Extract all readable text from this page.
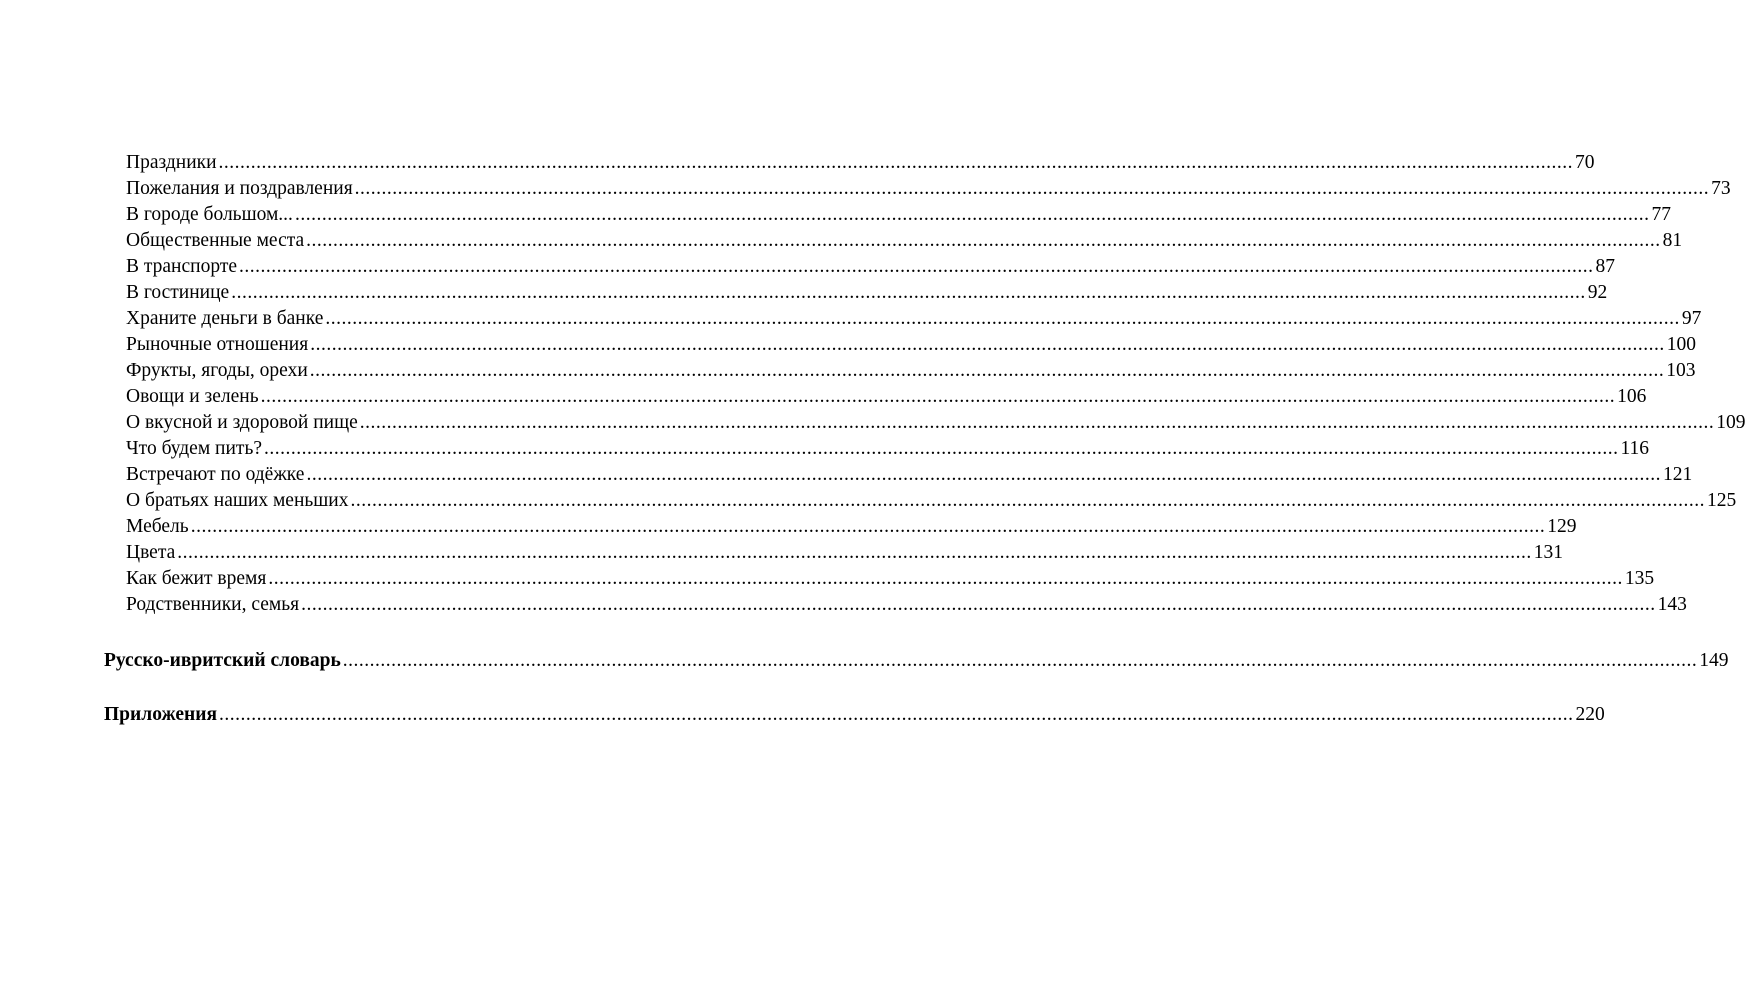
Праздники ............................................................................................................................................................................................................................................................ 70
Пожелания и поздравления ............................................................................................................................................................................................................................................................ 73
В городе большом... ............................................................................................................................................................................................................................................................ 77
Общественные места ............................................................................................................................................................................................................................................................ 81
В транспорте ............................................................................................................................................................................................................................................................ 87
В гостинице ............................................................................................................................................................................................................................................................ 92
Храните деньги в банке ............................................................................................................................................................................................................................................................ 97
Рыночные отношения ............................................................................................................................................................................................................................................................ 100
Фрукты, ягоды, орехи ............................................................................................................................................................................................................................................................ 103
Овощи и зелень ............................................................................................................................................................................................................................................................ 106
О вкусной и здоровой пище ............................................................................................................................................................................................................................................................ 109
Что будем пить? ............................................................................................................................................................................................................................................................ 116
Встречают по одёжке ............................................................................................................................................................................................................................................................ 121
О братьях наших меньших ............................................................................................................................................................................................................................................................ 125
Мебель ............................................................................................................................................................................................................................................................ 129
Цвета ............................................................................................................................................................................................................................................................ 131
Как бежит время ............................................................................................................................................................................................................................................................ 135
Родственники, семья ............................................................................................................................................................................................................................................................ 143
Русско-ивритский словарь ............................................................................................................................................................................................................................................................ 149
Приложения ............................................................................................................................................................................................................................................................ 220
